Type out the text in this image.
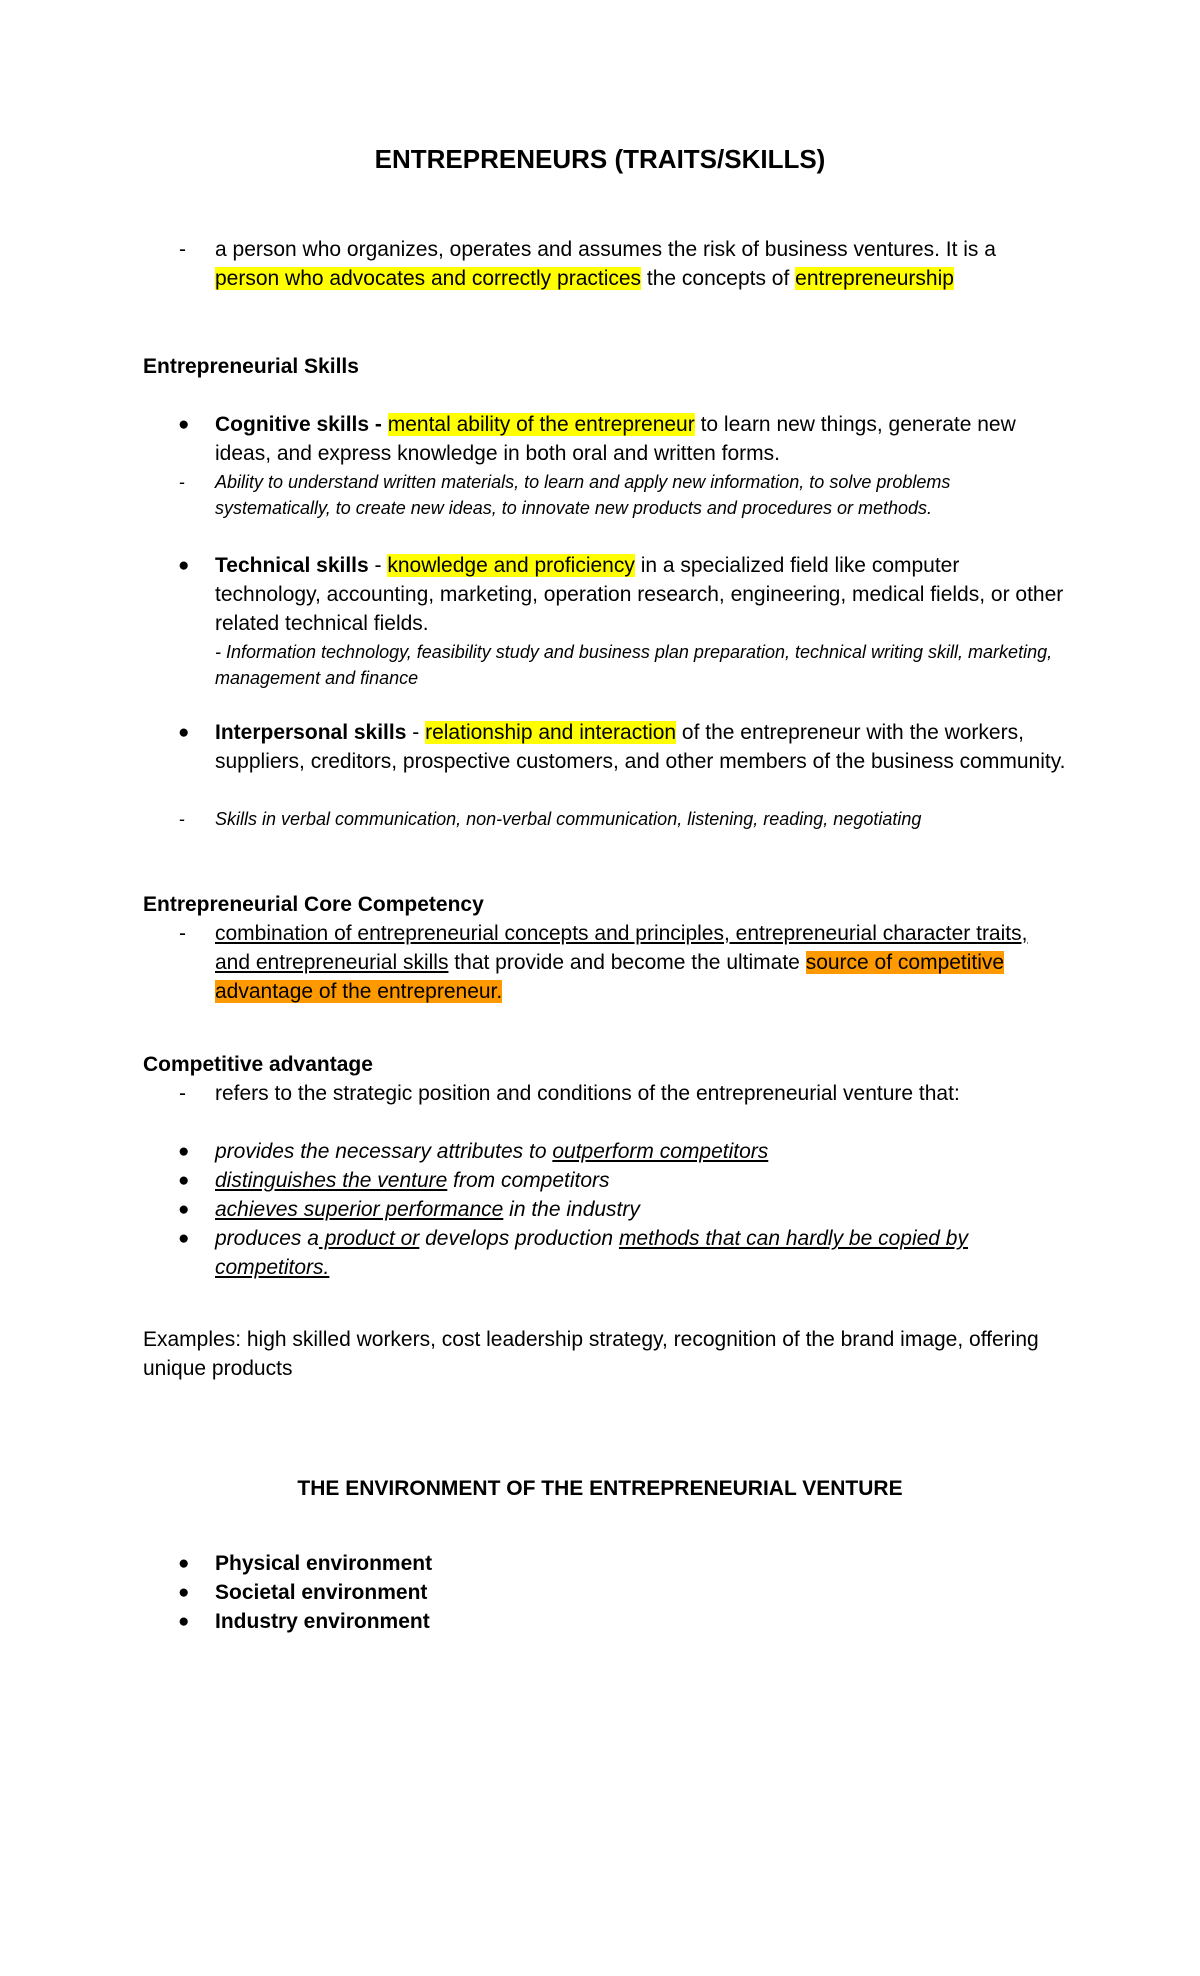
ENTREPRENEURS (TRAITS/SKILLS)
- a person who organizes, operates and assumes the risk of business ventures. It is a
person who advocates and correctly practices the concepts of entrepreneurship
Entrepreneurial Skills
● Cognitive skills - mental ability of the entrepreneur to learn new things, generate new ideas, and express knowledge in both oral and written forms.
- Ability to understand written materials, to learn and apply new information, to solve problems systematically, to create new ideas, to innovate new products and procedures or methods.
● Technical skills - knowledge and proficiency in a specialized field like computer technology, accounting, marketing, operation research, engineering, medical fields, or other related technical fields.
- Information technology, feasibility study and business plan preparation, technical writing skill, marketing, management and finance
● Interpersonal skills - relationship and interaction of the entrepreneur with the workers, suppliers, creditors, prospective customers, and other members of the business community.
- Skills in verbal communication, non-verbal communication, listening, reading, negotiating
Entrepreneurial Core Competency
- combination of entrepreneurial concepts and principles, entrepreneurial character traits, and entrepreneurial skills that provide and become the ultimate source of competitive advantage of the entrepreneur.
Competitive advantage
- refers to the strategic position and conditions of the entrepreneurial venture that:
● provides the necessary attributes to outperform competitors
● distinguishes the venture from competitors
● achieves superior performance in the industry
● produces a product or develops production methods that can hardly be copied by competitors.
Examples: high skilled workers, cost leadership strategy, recognition of the brand image, offering unique products
THE ENVIRONMENT OF THE ENTREPRENEURIAL VENTURE
● Physical environment
● Societal environment
● Industry environment
